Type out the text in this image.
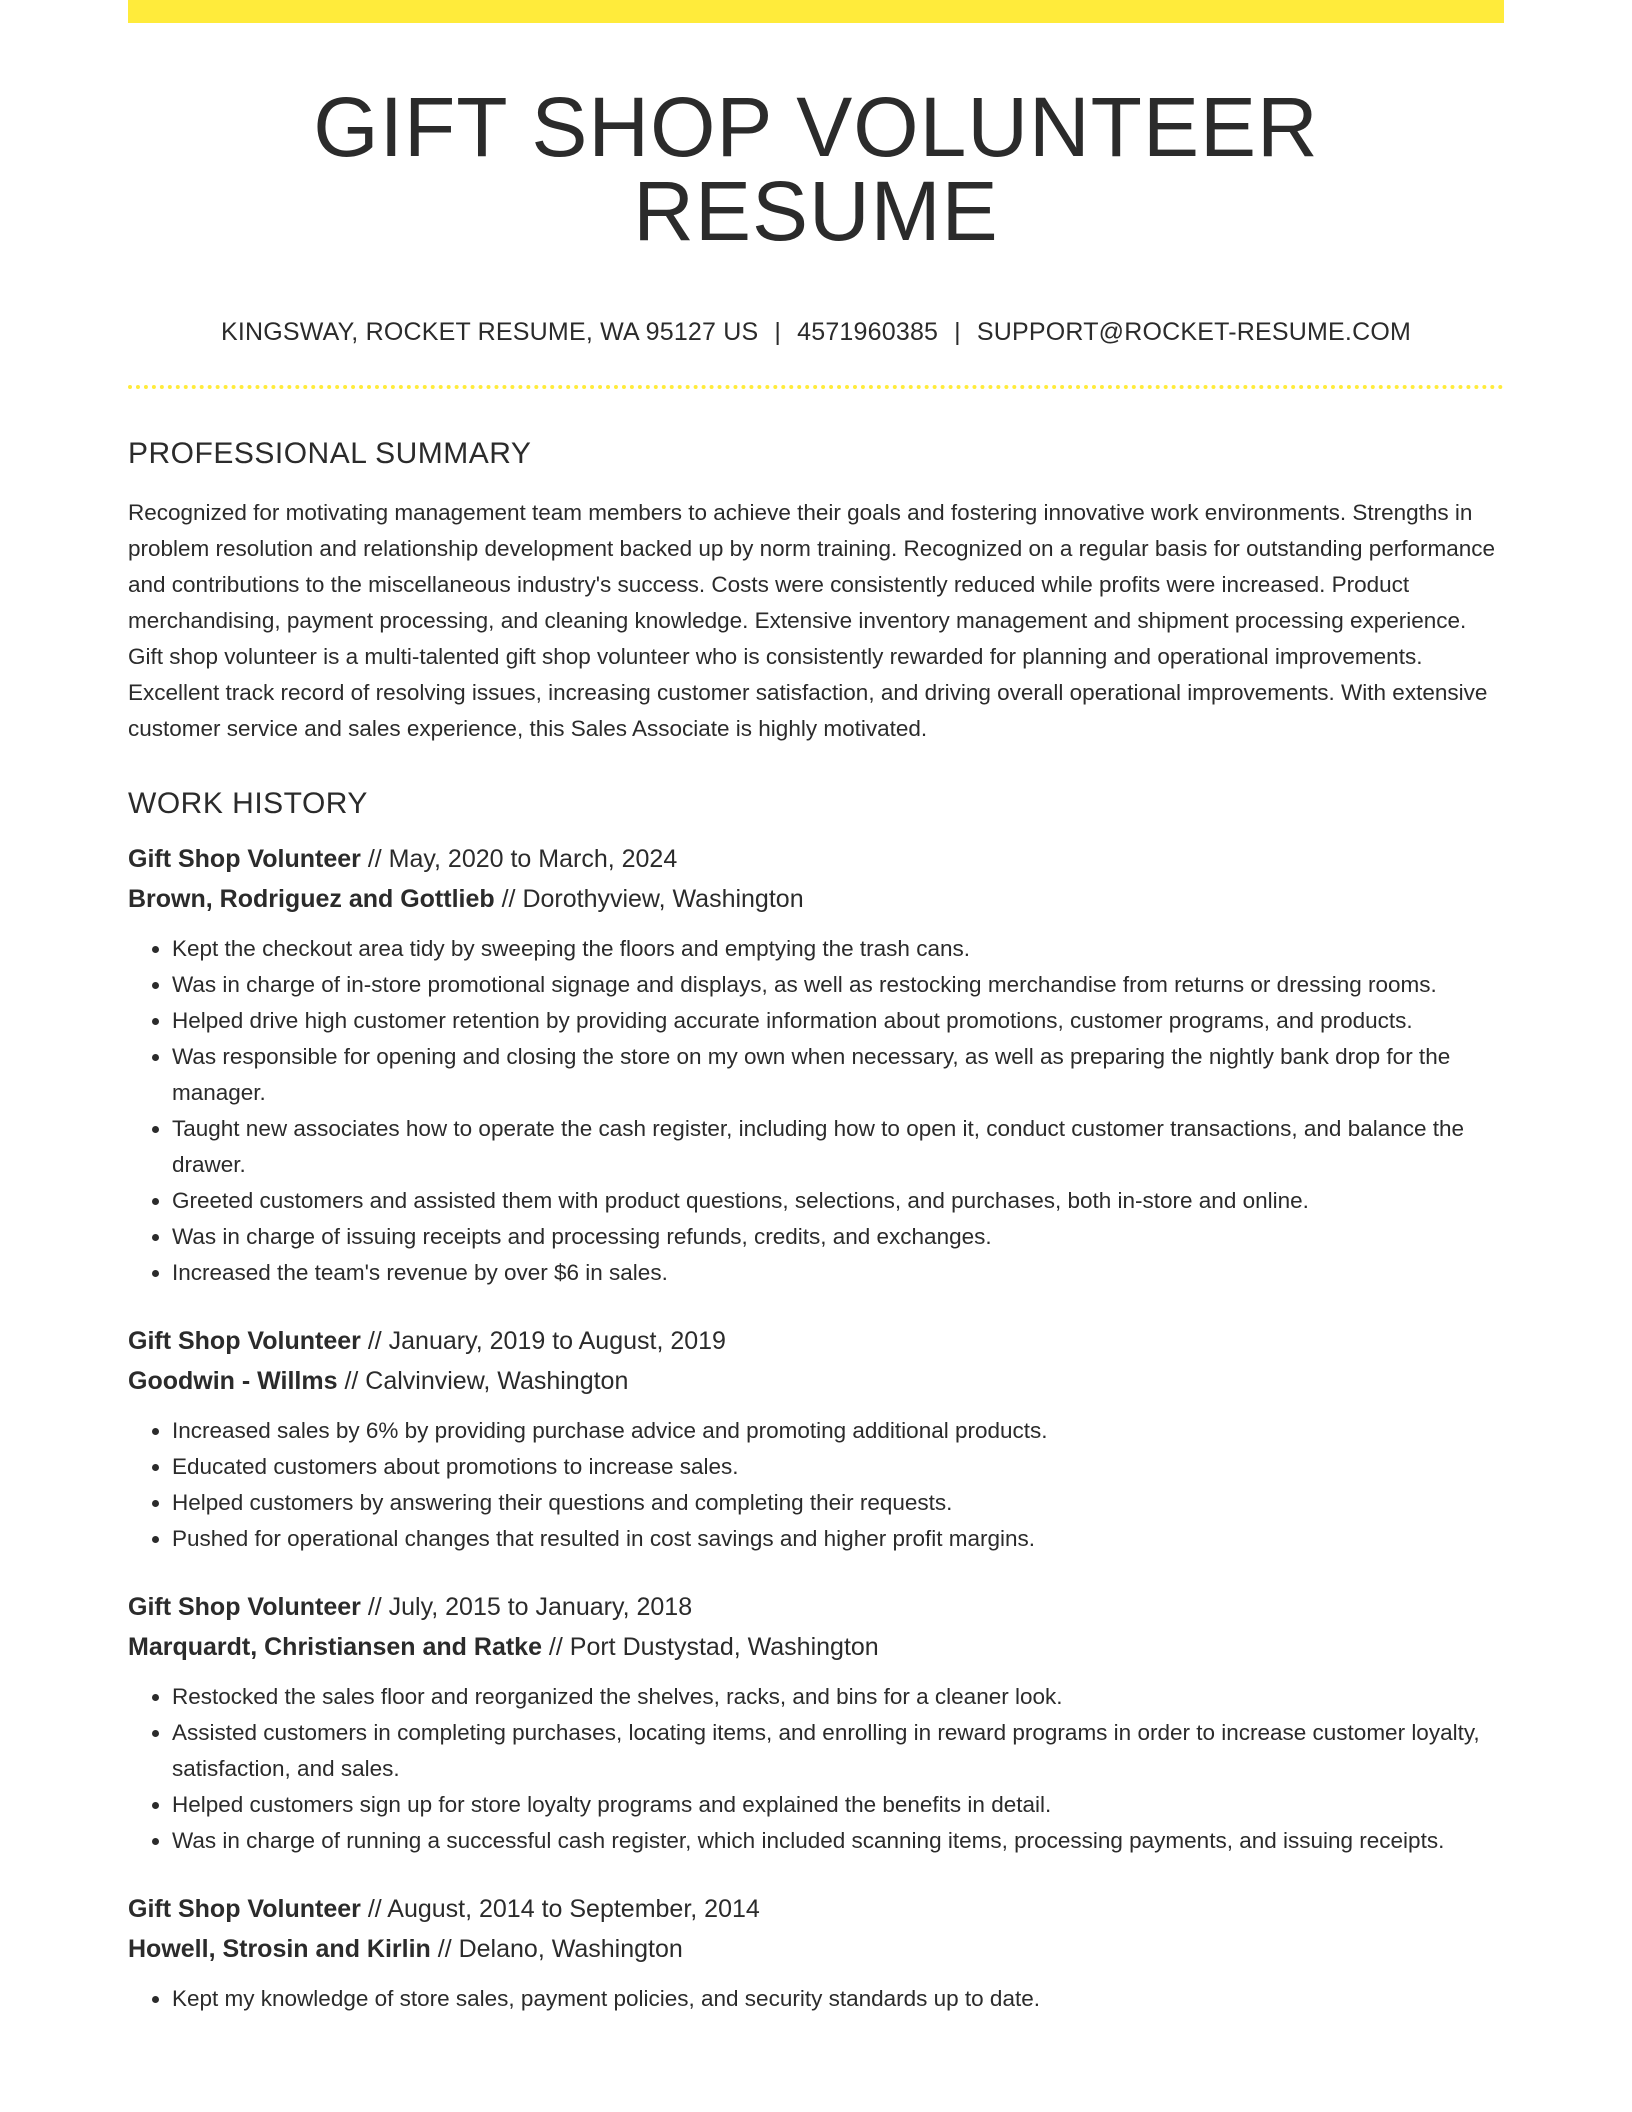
GIFT SHOP VOLUNTEER RESUME
KINGSWAY, ROCKET RESUME, WA 95127 US | 4571960385 | SUPPORT@ROCKET-RESUME.COM
PROFESSIONAL SUMMARY
Recognized for motivating management team members to achieve their goals and fostering innovative work environments. Strengths in problem resolution and relationship development backed up by norm training. Recognized on a regular basis for outstanding performance and contributions to the miscellaneous industry's success. Costs were consistently reduced while profits were increased. Product merchandising, payment processing, and cleaning knowledge. Extensive inventory management and shipment processing experience. Gift shop volunteer is a multi-talented gift shop volunteer who is consistently rewarded for planning and operational improvements. Excellent track record of resolving issues, increasing customer satisfaction, and driving overall operational improvements. With extensive customer service and sales experience, this Sales Associate is highly motivated.
WORK HISTORY
Gift Shop Volunteer // May, 2020 to March, 2024
Brown, Rodriguez and Gottlieb // Dorothyview, Washington
• Kept the checkout area tidy by sweeping the floors and emptying the trash cans.
• Was in charge of in-store promotional signage and displays, as well as restocking merchandise from returns or dressing rooms.
• Helped drive high customer retention by providing accurate information about promotions, customer programs, and products.
• Was responsible for opening and closing the store on my own when necessary, as well as preparing the nightly bank drop for the manager.
• Taught new associates how to operate the cash register, including how to open it, conduct customer transactions, and balance the drawer.
• Greeted customers and assisted them with product questions, selections, and purchases, both in-store and online.
• Was in charge of issuing receipts and processing refunds, credits, and exchanges.
• Increased the team's revenue by over $6 in sales.
Gift Shop Volunteer // January, 2019 to August, 2019
Goodwin - Willms // Calvinview, Washington
• Increased sales by 6% by providing purchase advice and promoting additional products.
• Educated customers about promotions to increase sales.
• Helped customers by answering their questions and completing their requests.
• Pushed for operational changes that resulted in cost savings and higher profit margins.
Gift Shop Volunteer // July, 2015 to January, 2018
Marquardt, Christiansen and Ratke // Port Dustystad, Washington
• Restocked the sales floor and reorganized the shelves, racks, and bins for a cleaner look.
• Assisted customers in completing purchases, locating items, and enrolling in reward programs in order to increase customer loyalty, satisfaction, and sales.
• Helped customers sign up for store loyalty programs and explained the benefits in detail.
• Was in charge of running a successful cash register, which included scanning items, processing payments, and issuing receipts.
Gift Shop Volunteer // August, 2014 to September, 2014
Howell, Strosin and Kirlin // Delano, Washington
• Kept my knowledge of store sales, payment policies, and security standards up to date.
